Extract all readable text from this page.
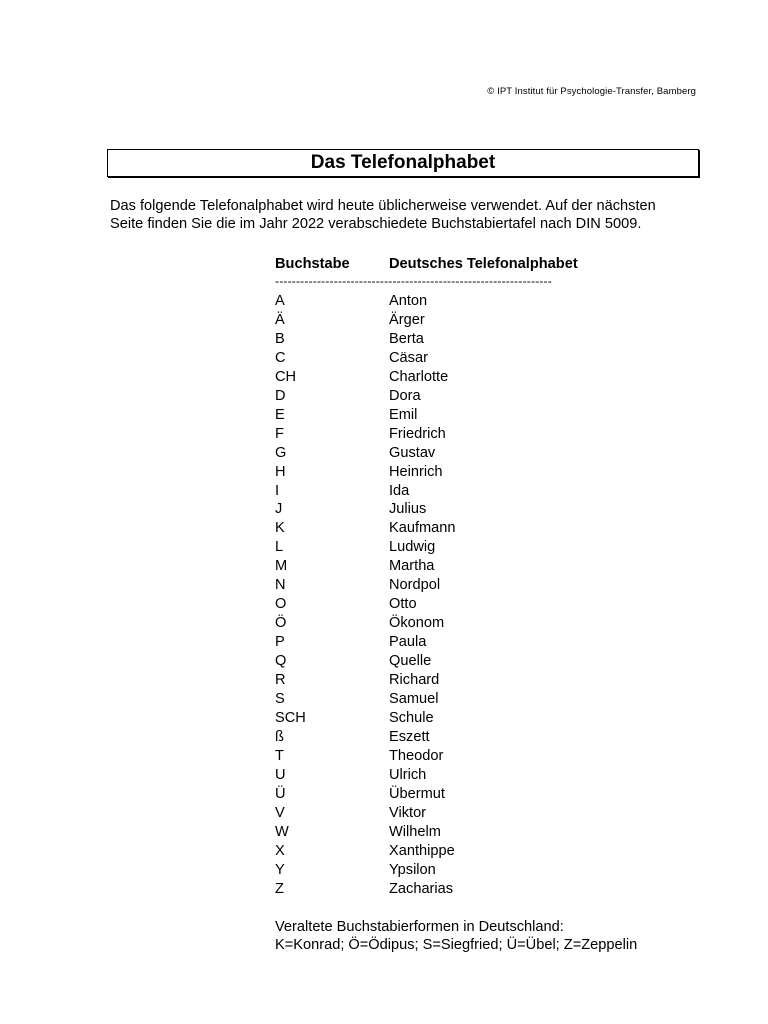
© IPT Institut für Psychologie-Transfer, Bamberg
Das Telefonalphabet
Das folgende Telefonalphabet wird heute üblicherweise verwendet. Auf der nächsten
Seite finden Sie die im Jahr 2022 verabschiedete Buchstabiertafel nach DIN 5009.
Buchstabe	Deutsches Telefonalphabet
------------------------------------------------------------------
A	Anton
Ä	Ärger
B	Berta
C	Cäsar
CH	Charlotte
D	Dora
E	Emil
F	Friedrich
G	Gustav
H	Heinrich
I	Ida
J	Julius
K	Kaufmann
L	Ludwig
M	Martha
N	Nordpol
O	Otto
Ö	Ökonom
P	Paula
Q	Quelle
R	Richard
S	Samuel
SCH	Schule
ß	Eszett
T	Theodor
U	Ulrich
Ü	Übermut
V	Viktor
W	Wilhelm
X	Xanthippe
Y	Ypsilon
Z	Zacharias
Veraltete Buchstabierformen in Deutschland:
K=Konrad; Ö=Ödipus; S=Siegfried; Ü=Übel; Z=Zeppelin
